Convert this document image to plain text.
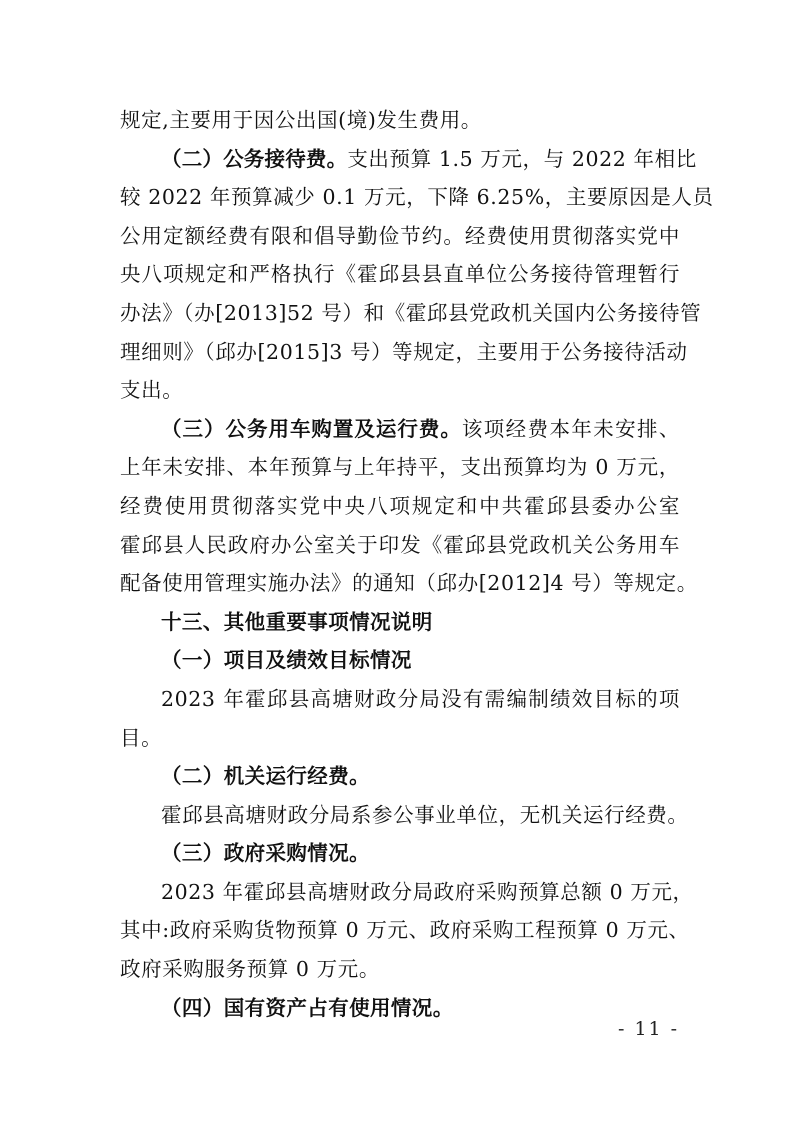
规定,主要用于因公出国(境)发生费用。

（二）公务接待费。支出预算 1.5 万元，与 2022 年相比
较 2022 年预算减少 0.1 万元，下降 6.25%，主要原因是人员
公用定额经费有限和倡导勤俭节约。经费使用贯彻落实党中
央八项规定和严格执行《霍邱县县直单位公务接待管理暂行
办法》（办[2013]52 号）和《霍邱县党政机关国内公务接待管
理细则》（邱办[2015]3 号）等规定，主要用于公务接待活动
支出。

（三）公务用车购置及运行费。该项经费本年未安排、
上年未安排、本年预算与上年持平，支出预算均为 0 万元，
经费使用贯彻落实党中央八项规定和中共霍邱县委办公室
霍邱县人民政府办公室关于印发《霍邱县党政机关公务用车
配备使用管理实施办法》的通知（邱办[2012]4 号）等规定。

十三、其他重要事项情况说明

（一）项目及绩效目标情况

2023 年霍邱县高塘财政分局没有需编制绩效目标的项
目。

（二）机关运行经费。

霍邱县高塘财政分局系参公事业单位，无机关运行经费。

（三）政府采购情况。

2023 年霍邱县高塘财政分局政府采购预算总额 0 万元，
其中:政府采购货物预算 0 万元、政府采购工程预算 0 万元、
政府采购服务预算 0 万元。

（四）国有资产占有使用情况。

- 11 -
